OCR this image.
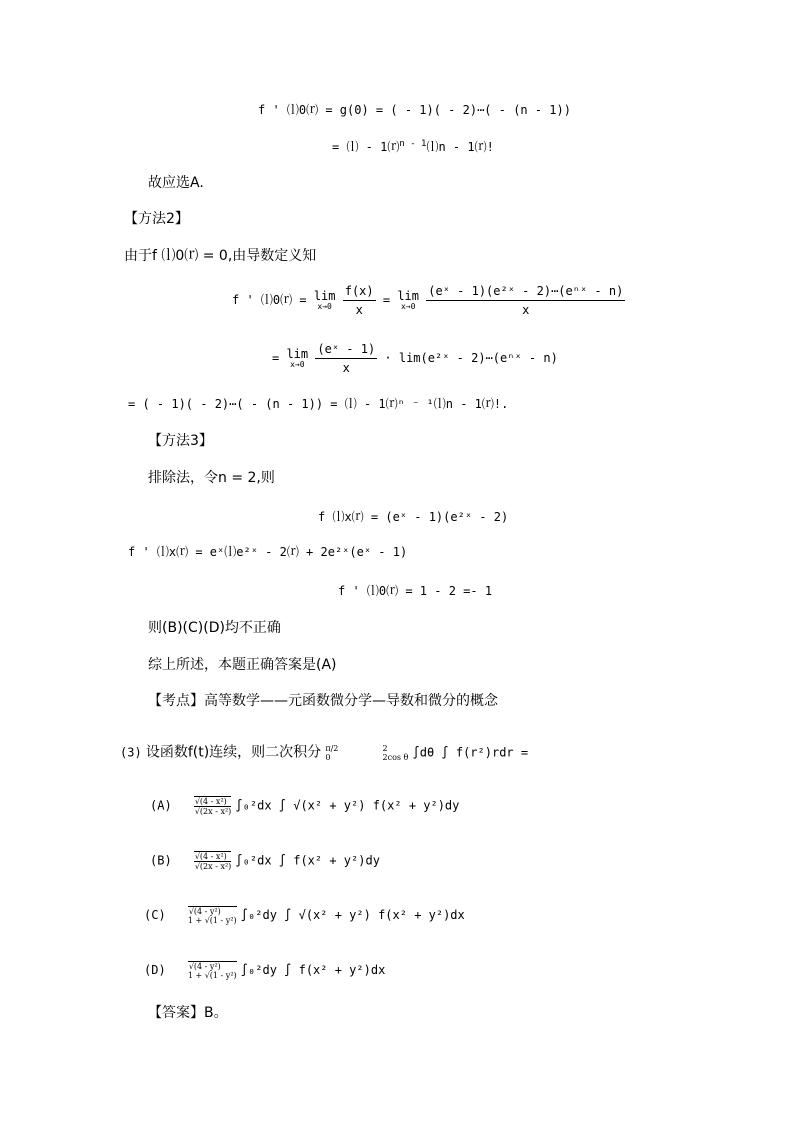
f ' ⒧0⒭ = g(0) = ( - 1)( - 2)⋯( - (n - 1))
= ⒧ - 1⒭$^{n - 1}$⒧n - 1⒭!
故应选A.
【方法2】
由于f ⒧0⒭ = 0,由导数定义知
f ' ⒧0⒭ = lim
x→0
$\frac{f(x)}{x} = \lim$
x→0
$\frac{\text{(eˣ - 1)(e²ˣ - 2)⋯(eⁿˣ - n)}}{x}$
= lim
x→0
$\frac{\text{(eˣ - 1)}}{x}$ · lim(e²ˣ - 2)⋯(eⁿˣ - n)
= ( - 1)( - 2)⋯( - (n - 1)) = ⒧ - 1⒭ⁿ ⁻ ¹⒧n - 1⒭!.
【方法3】
排除法，令n = 2,则
f ⒧x⒭ = (eˣ - 1)(e²ˣ - 2)
f ' ⒧x⒭ = eˣ⒧e²ˣ - 2⒭ + 2e²ˣ(eˣ - 1)
f ' ⒧0⒭ = 1 - 2 =- 1
则(B)(C)(D)均不正确
综上所述，本题正确答案是(A)
【考点】高等数学——元函数微分学—导数和微分的概念
(3) 设函数f(t)连续，则二次积分 π/2
0

2
2cos θ ∫dθ ∫ f(r²)rdr =
(A)	$\frac{\text{√(4 - x²)}}{\text{√(2x - x²)}} \int_0^2dx$ ∫ √(x² + y²) f(x² + y²)dy
(B)	$\frac{\text{√(4 - x²)}}{\text{√(2x - x²)}} \int_0^2dx$ ∫ f(x² + y²)dy
(C)	√(4 - y²)
1 + √(1 - y²) ∫₀²dy ∫ √(x² + y²) f(x² + y²)dx
(D)	√(4 - y²)
1 + √(1 - y²) ∫₀²dy ∫ f(x² + y²)dx
【答案】B。
